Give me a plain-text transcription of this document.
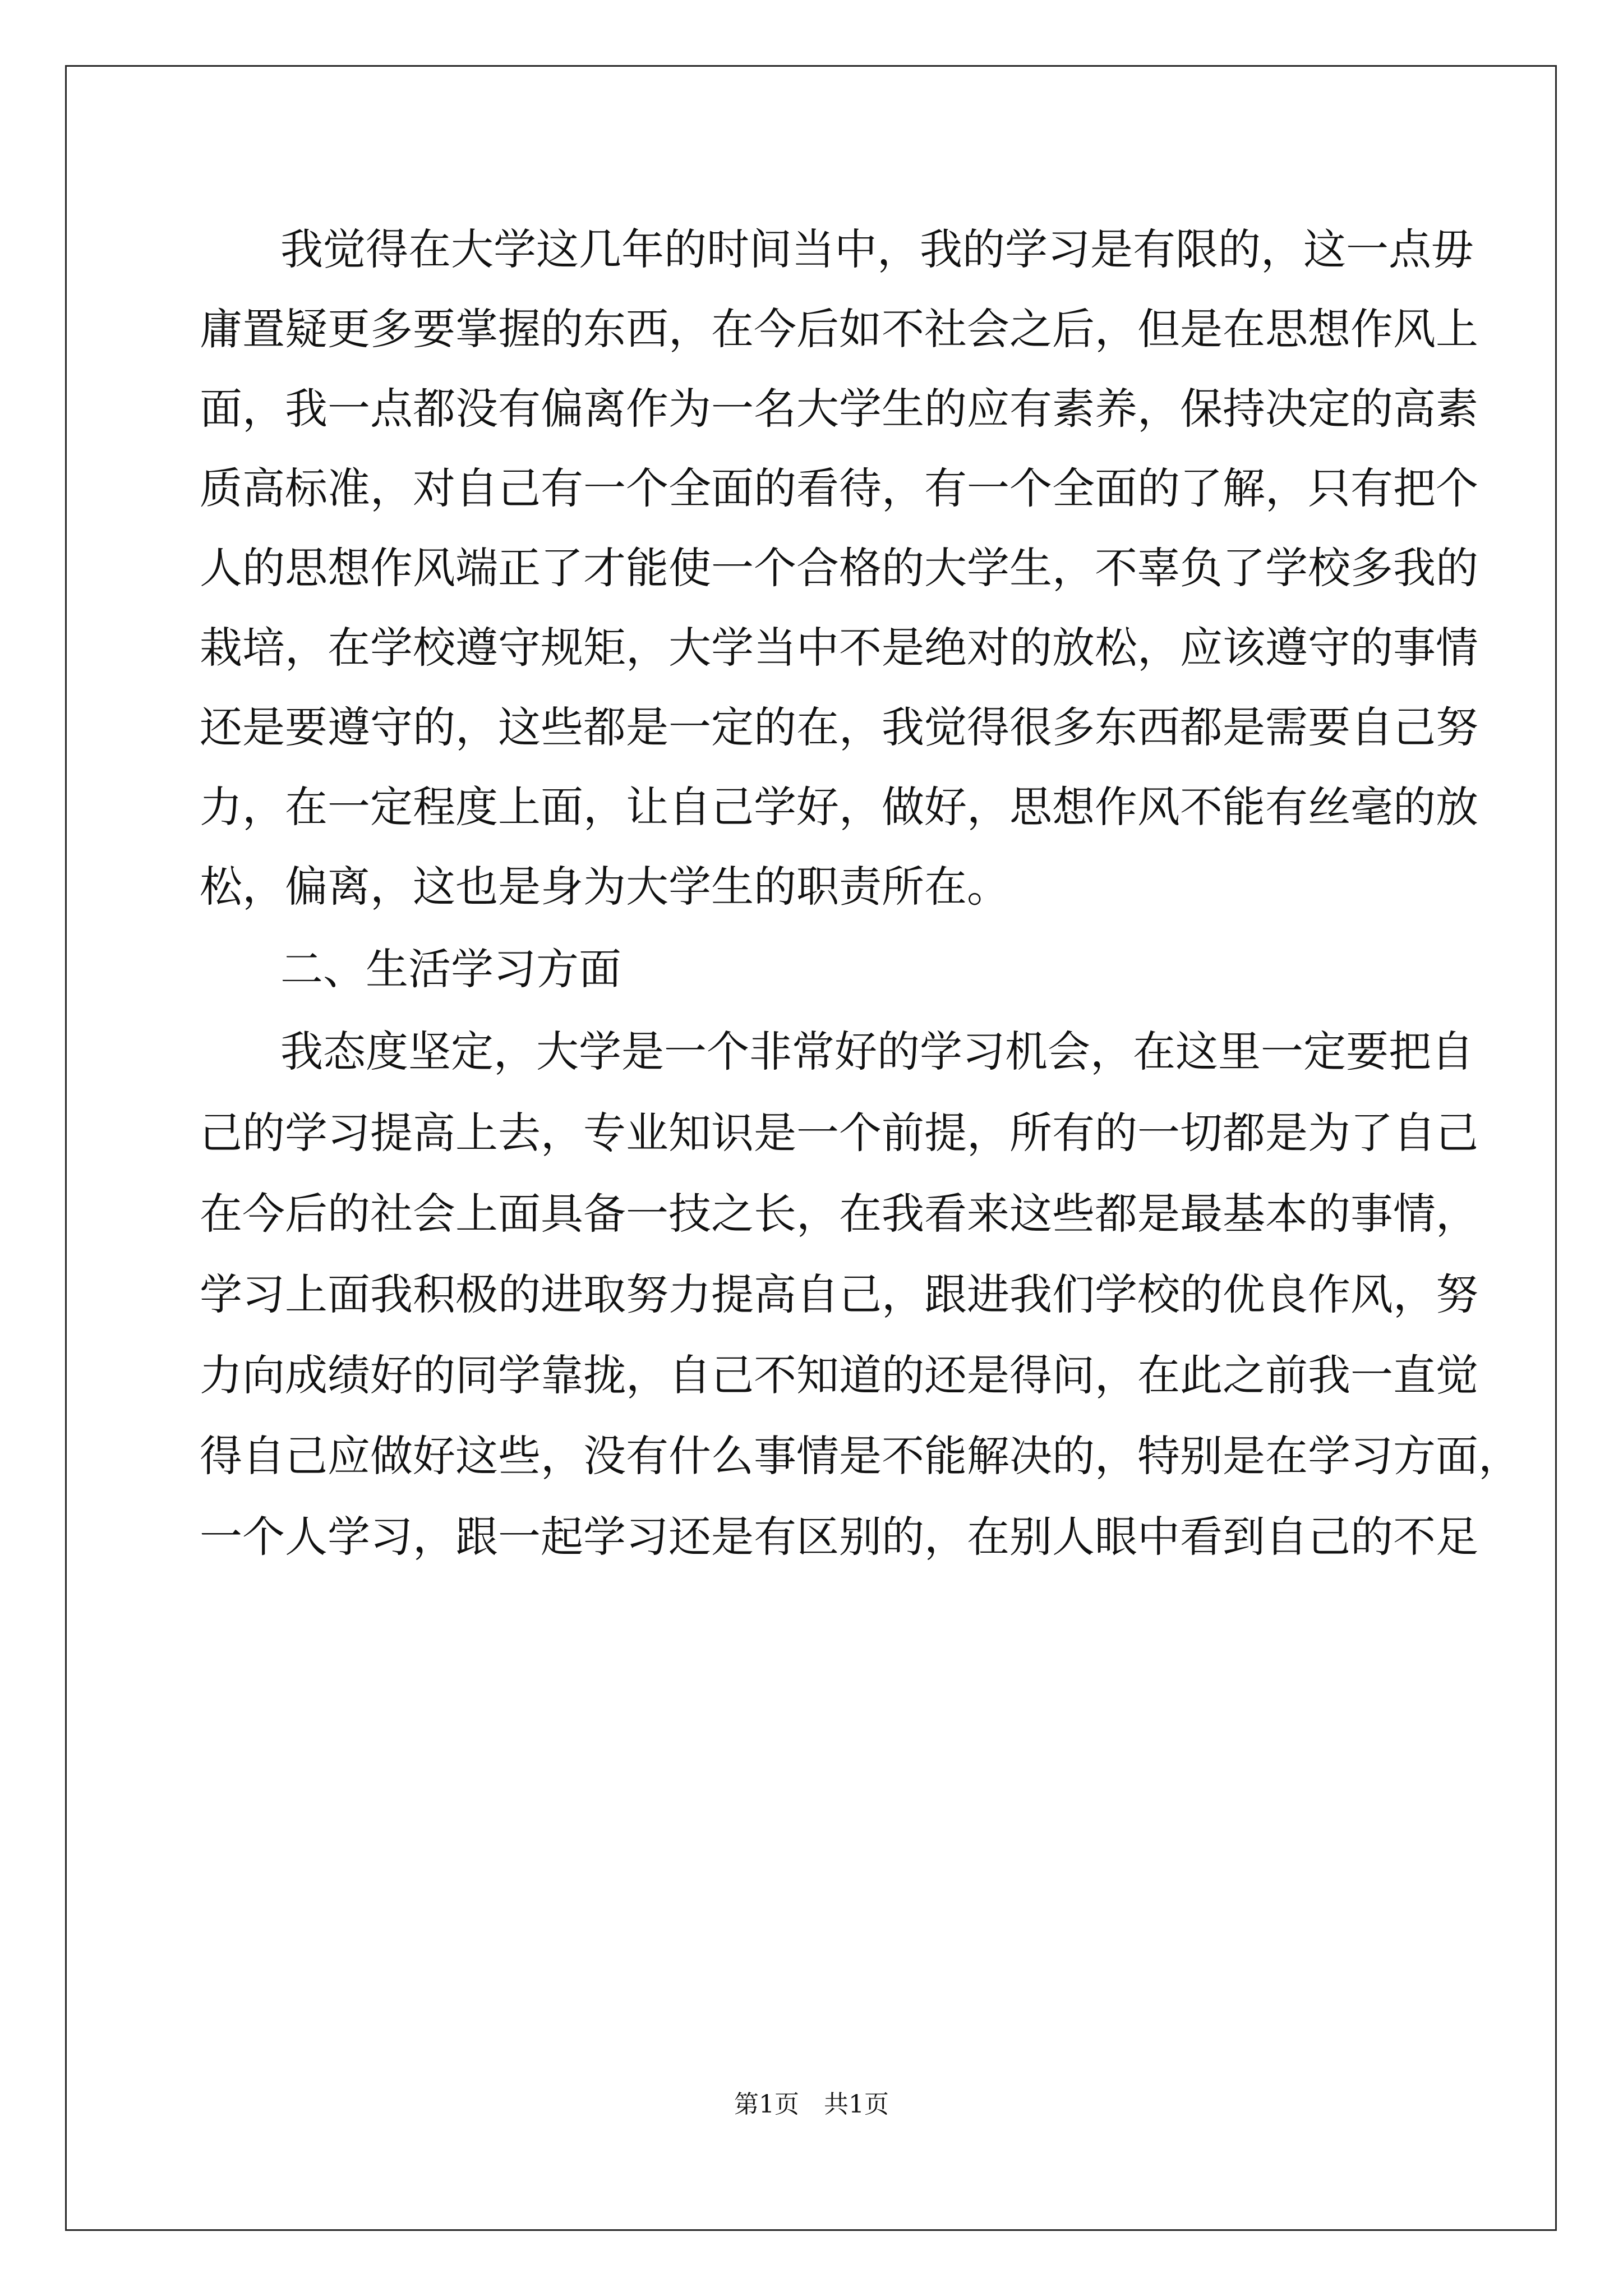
我觉得在大学这几年的时间当中，我的学习是有限的，这一点毋
庸置疑更多要掌握的东西，在今后如不社会之后，但是在思想作风上
面，我一点都没有偏离作为一名大学生的应有素养，保持决定的高素
质高标准，对自己有一个全面的看待，有一个全面的了解，只有把个
人的思想作风端正了才能使一个合格的大学生，不辜负了学校多我的
栽培，在学校遵守规矩，大学当中不是绝对的放松，应该遵守的事情
还是要遵守的，这些都是一定的在，我觉得很多东西都是需要自己努
力，在一定程度上面，让自己学好，做好，思想作风不能有丝毫的放
松，偏离，这也是身为大学生的职责所在。
二、生活学习方面
我态度坚定，大学是一个非常好的学习机会，在这里一定要把自
己的学习提高上去，专业知识是一个前提，所有的一切都是为了自己
在今后的社会上面具备一技之长，在我看来这些都是最基本的事情，
学习上面我积极的进取努力提高自己，跟进我们学校的优良作风，努
力向成绩好的同学靠拢，自己不知道的还是得问，在此之前我一直觉
得自己应做好这些，没有什么事情是不能解决的，特别是在学习方面，
一个人学习，跟一起学习还是有区别的，在别人眼中看到自己的不足
第1页　共1页
